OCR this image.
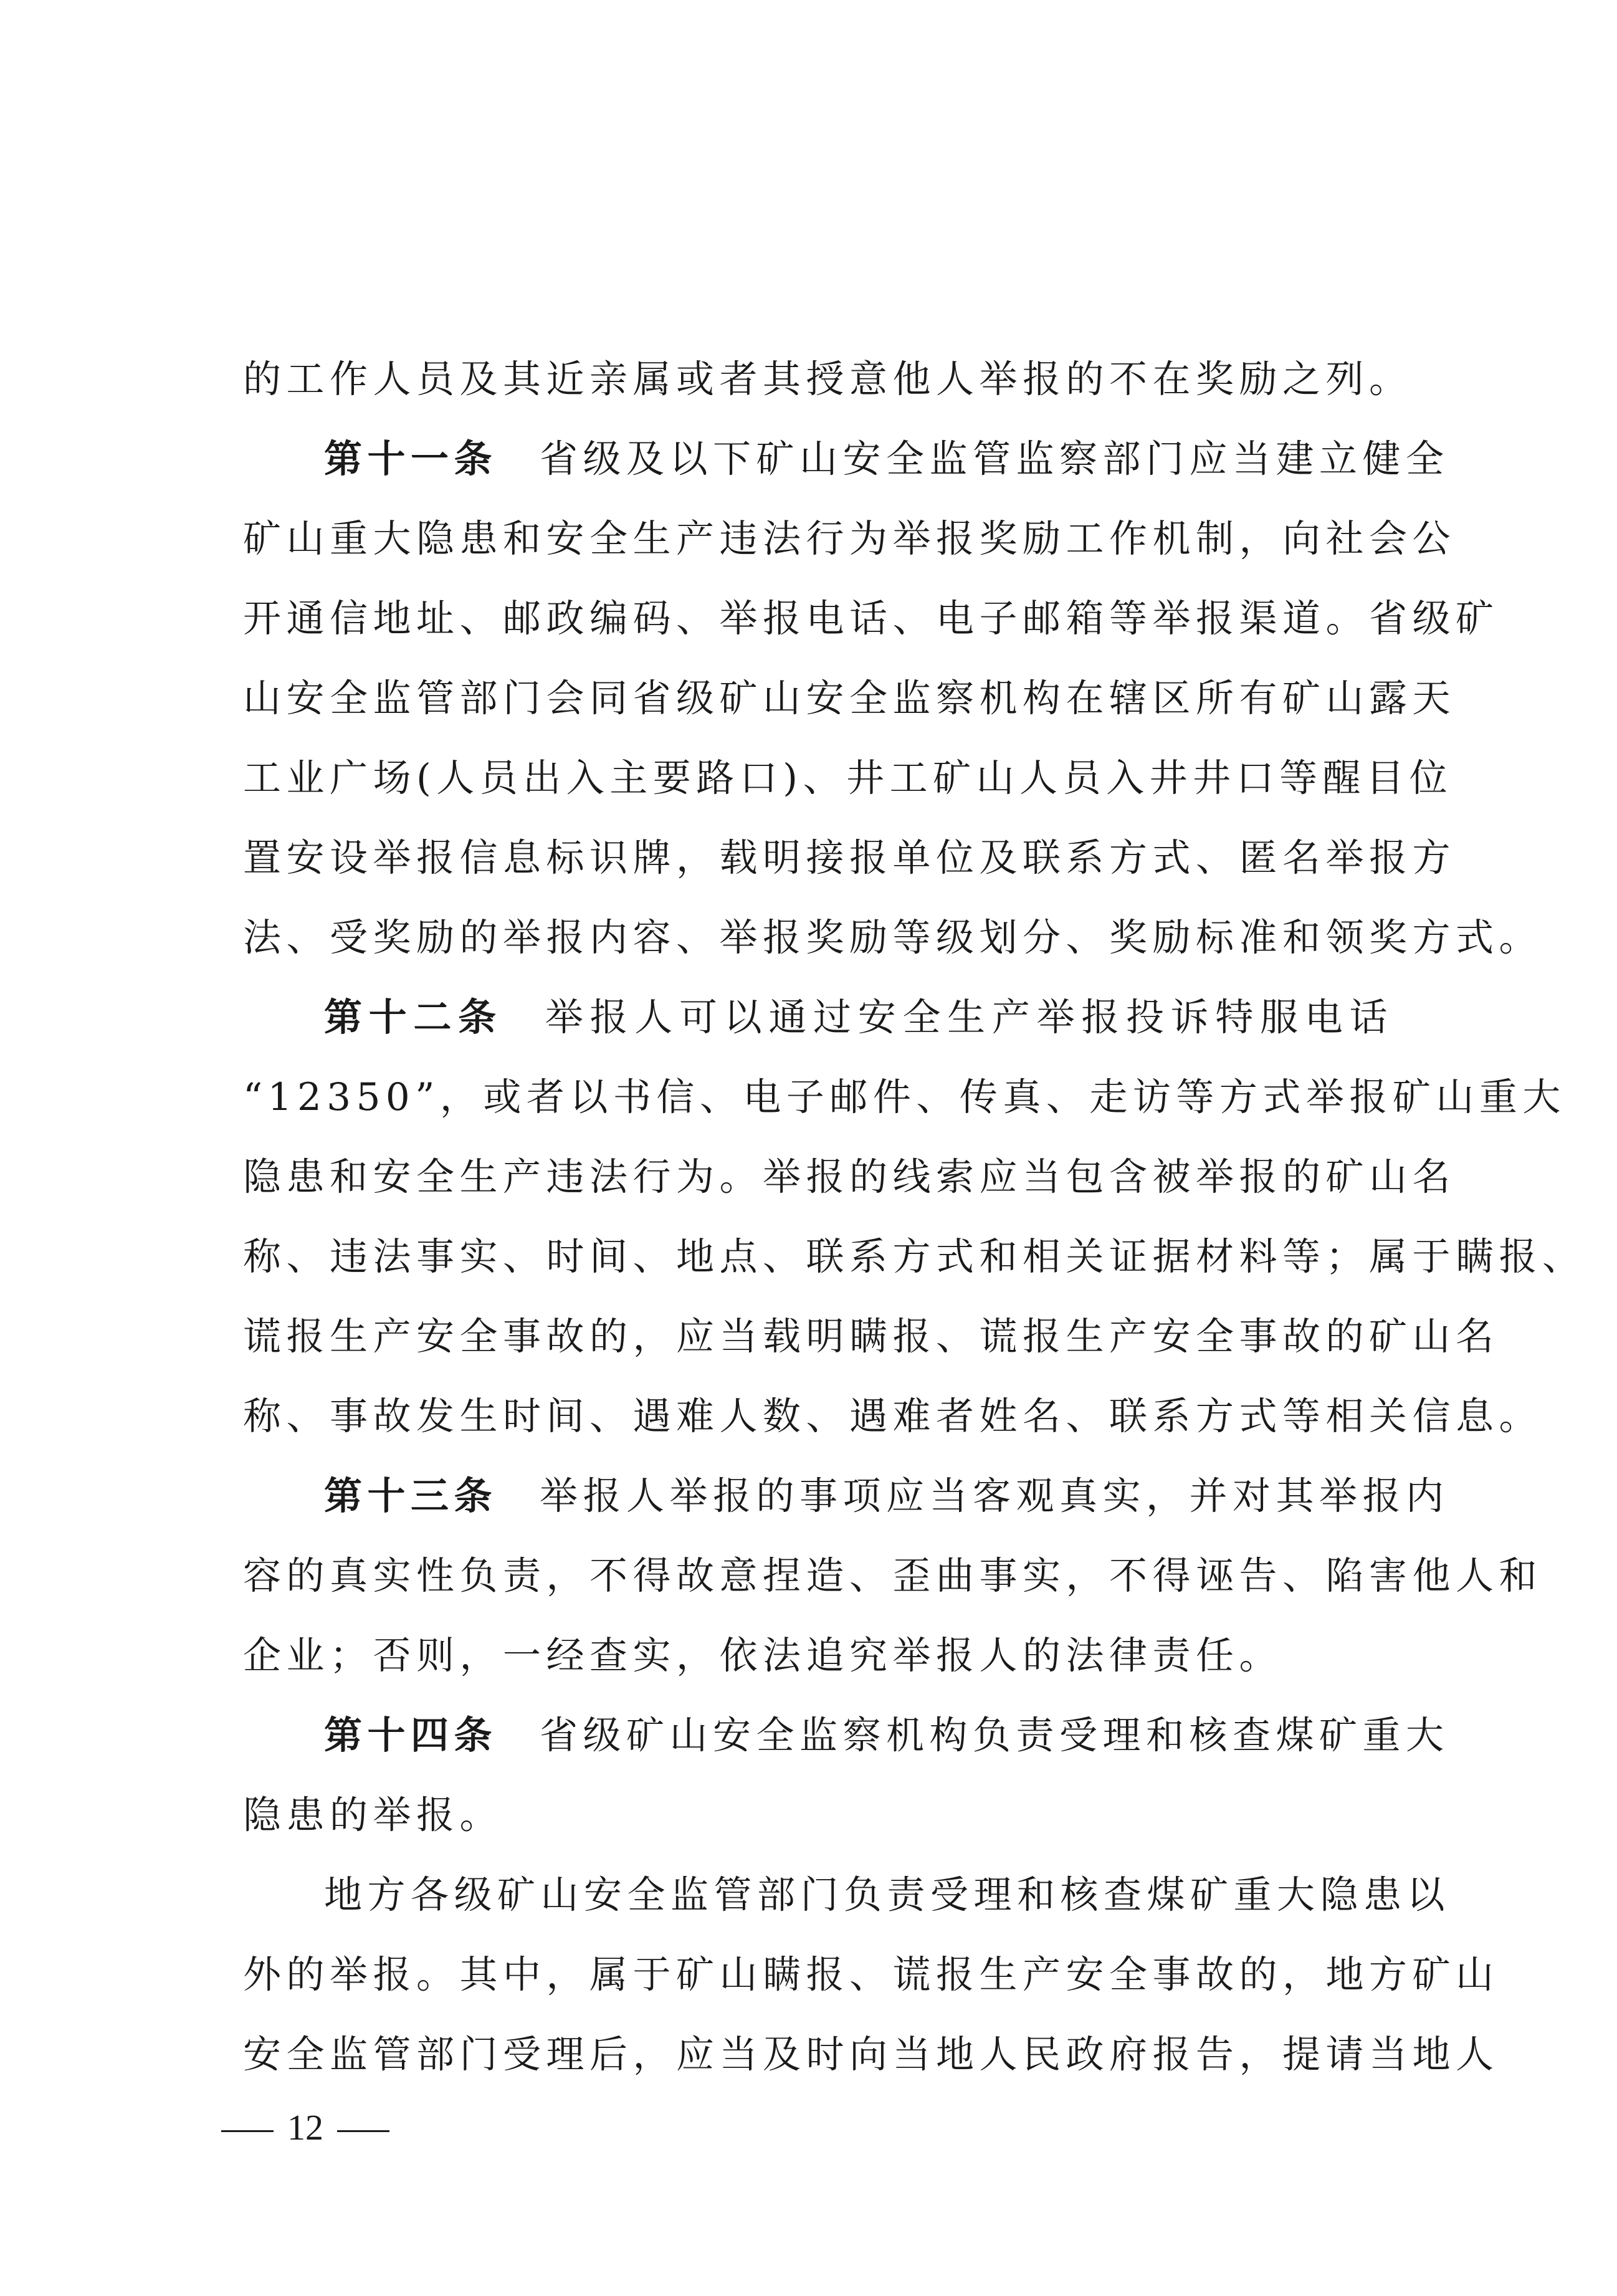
的工作人员及其近亲属或者其授意他人举报的不在奖励之列。
第十一条 省级及以下矿山安全监管监察部门应当建立健全
矿山重大隐患和安全生产违法行为举报奖励工作机制，向社会公
开通信地址、邮政编码、举报电话、电子邮箱等举报渠道。省级矿
山安全监管部门会同省级矿山安全监察机构在辖区所有矿山露天
工业广场(人员出入主要路口)、井工矿山人员入井井口等醒目位
置安设举报信息标识牌，载明接报单位及联系方式、匿名举报方
法、受奖励的举报内容、举报奖励等级划分、奖励标准和领奖方式。
第十二条 举报人可以通过安全生产举报投诉特服电话
“12350”，或者以书信、电子邮件、传真、走访等方式举报矿山重大
隐患和安全生产违法行为。举报的线索应当包含被举报的矿山名
称、违法事实、时间、地点、联系方式和相关证据材料等；属于瞒报、
谎报生产安全事故的，应当载明瞒报、谎报生产安全事故的矿山名
称、事故发生时间、遇难人数、遇难者姓名、联系方式等相关信息。
第十三条 举报人举报的事项应当客观真实，并对其举报内
容的真实性负责，不得故意捏造、歪曲事实，不得诬告、陷害他人和
企业；否则，一经查实，依法追究举报人的法律责任。
第十四条 省级矿山安全监察机构负责受理和核查煤矿重大
隐患的举报。
地方各级矿山安全监管部门负责受理和核查煤矿重大隐患以
外的举报。其中，属于矿山瞒报、谎报生产安全事故的，地方矿山
安全监管部门受理后，应当及时向当地人民政府报告，提请当地人
12
